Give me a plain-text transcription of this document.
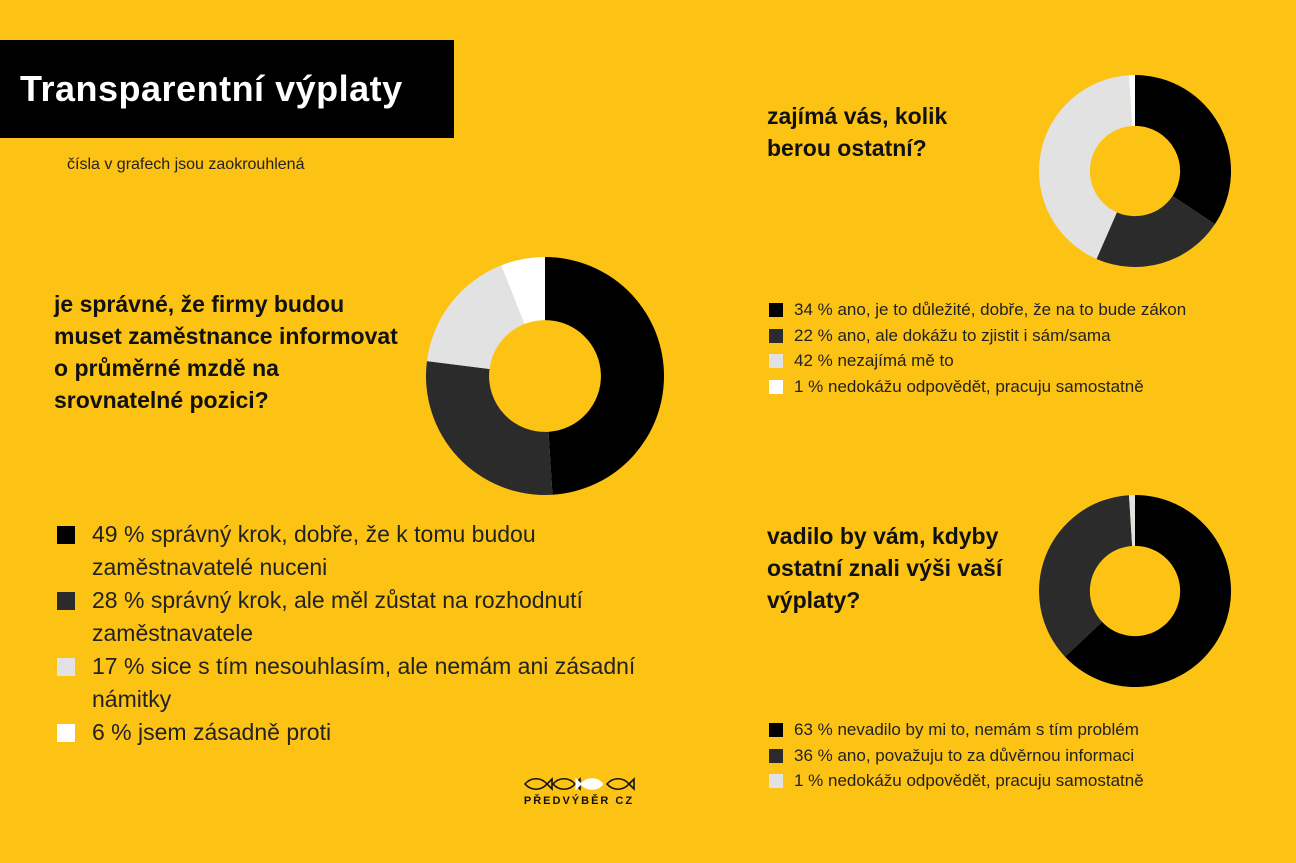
Transparentní výplaty
čísla v grafech jsou zaokrouhlená

je správné, že firmy budou muset zaměstnance informovat o průměrné mzdě na srovnatelné pozici?

49 % správný krok, dobře, že k tomu budou zaměstnavatelé nuceni
28 % správný krok, ale měl zůstat na rozhodnutí zaměstnavatele
17 % sice s tím nesouhlasím, ale nemám ani zásadní námitky
6 % jsem zásadně proti

zajímá vás, kolik berou ostatní?

34 % ano, je to důležité, dobře, že na to bude zákon
22 % ano, ale dokážu to zjistit i sám/sama
42 % nezajímá mě to
1 % nedokážu odpovědět, pracuju samostatně

vadilo by vám, kdyby ostatní znali výši vaší výplaty?

63 % nevadilo by mi to, nemám s tím problém
36 % ano, považuju to za důvěrnou informaci
1 % nedokážu odpovědět, pracuju samostatně
PŘEDVÝBĚR CZ
